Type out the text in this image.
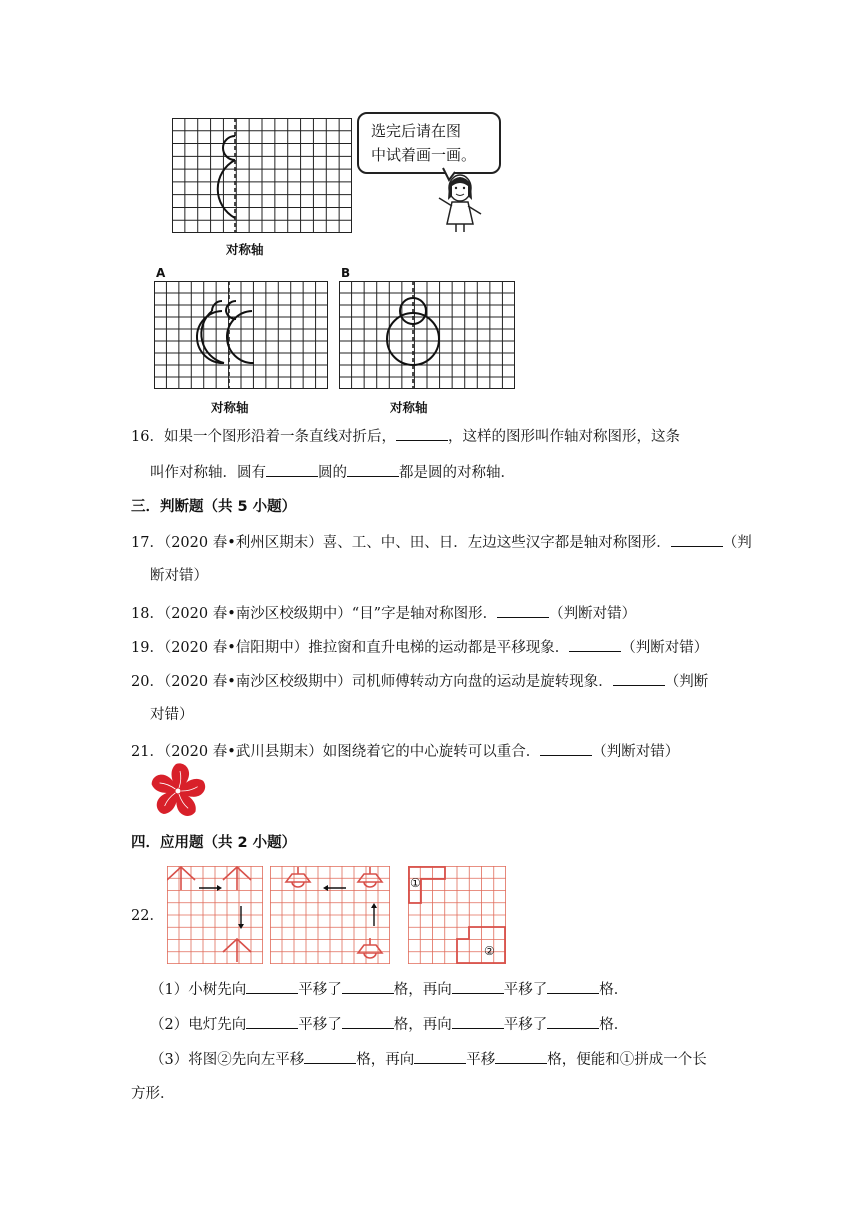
对称轴
选完后请在图
中试着画一画。
A
对称轴
B
对称轴
16．如果一个图形沿着一条直线对折后，	，这样的图形叫作轴对称图形，这条
叫作对称轴．圆有	圆的	都是圆的对称轴．
三．判断题（共 5 小题）
17．（2020 春•利州区期末）喜、工、中、田、日．左边这些汉字都是轴对称图形．	（判
断对错）
18．（2020 春•南沙区校级期中）“目”字是轴对称图形．	（判断对错）
19．（2020 春•信阳期中）推拉窗和直升电梯的运动都是平移现象．	（判断对错）
20．（2020 春•南沙区校级期中）司机师傅转动方向盘的运动是旋转现象．	（判断
对错）
21．（2020 春•武川县期末）如图绕着它的中心旋转可以重合．	（判断对错）
四．应用题（共 2 小题）
22．
①
②
（1）小树先向	平移了	格，再向	平移了	格．
（2）电灯先向	平移了	格，再向	平移了	格．
（3）将图②先向左平移	格，再向	平移	格，便能和①拼成一个长
方形．
